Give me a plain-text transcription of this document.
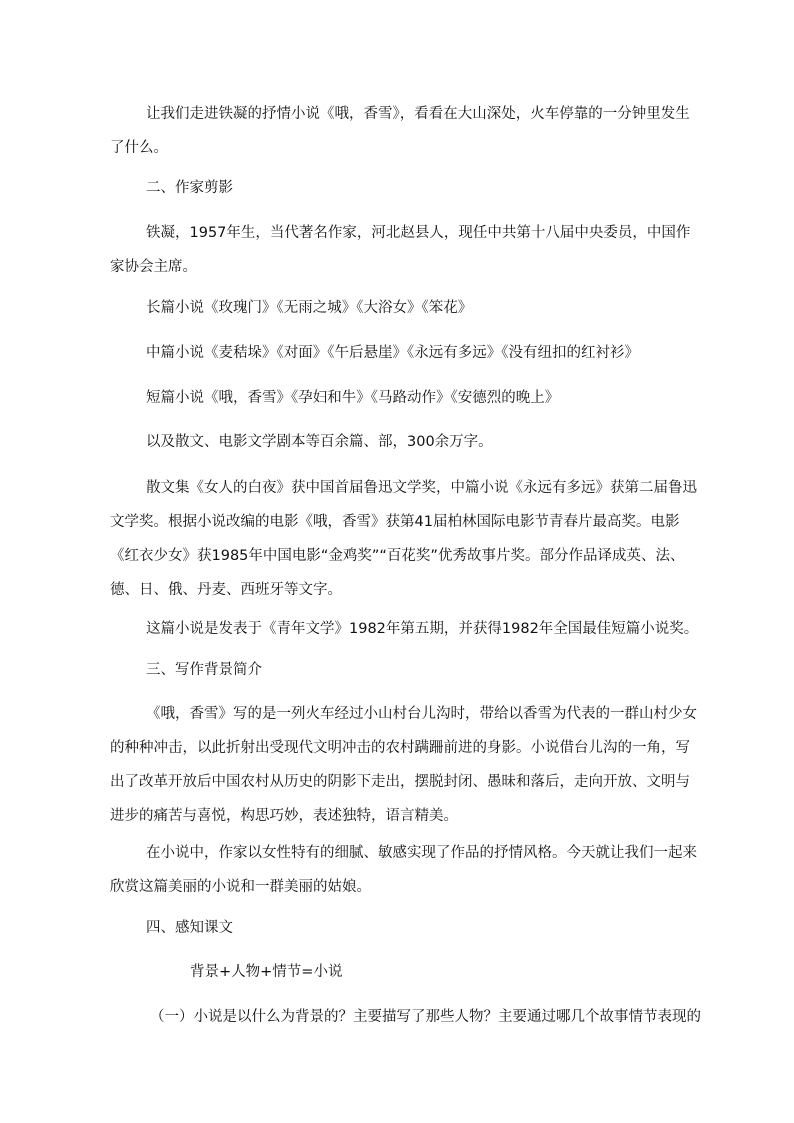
让我们走进铁凝的抒情小说《哦，香雪》，看看在大山深处，火车停靠的一分钟里发生了什么。

二、作家剪影

铁凝，1957年生，当代著名作家，河北赵县人，现任中共第十八届中央委员，中国作家协会主席。

长篇小说《玫瑰门》《无雨之城》《大浴女》《笨花》

中篇小说《麦秸垛》《对面》《午后悬崖》《永远有多远》《没有纽扣的红衬衫》

短篇小说《哦，香雪》《孕妇和牛》《马路动作》《安德烈的晚上》

以及散文、电影文学剧本等百余篇、部，300余万字。

散文集《女人的白夜》获中国首届鲁迅文学奖，中篇小说《永远有多远》获第二届鲁迅文学奖。根据小说改编的电影《哦，香雪》获第41届柏林国际电影节青春片最高奖。电影《红衣少女》获1985年中国电影“金鸡奖”“百花奖”优秀故事片奖。部分作品译成英、法、德、日、俄、丹麦、西班牙等文字。

这篇小说是发表于《青年文学》1982年第五期，并获得1982年全国最佳短篇小说奖。

三、写作背景简介

《哦，香雪》写的是一列火车经过小山村台儿沟时，带给以香雪为代表的一群山村少女的种种冲击，以此折射出受现代文明冲击的农村蹒跚前进的身影。小说借台儿沟的一角，写出了改革开放后中国农村从历史的阴影下走出，摆脱封闭、愚昧和落后，走向开放、文明与进步的痛苦与喜悦，构思巧妙，表述独特，语言精美。

在小说中，作家以女性特有的细腻、敏感实现了作品的抒情风格。今天就让我们一起来欣赏这篇美丽的小说和一群美丽的姑娘。

四、感知课文

背景+人物+情节=小说

（一）小说是以什么为背景的？主要描写了那些人物？主要通过哪几个故事情节表现的
